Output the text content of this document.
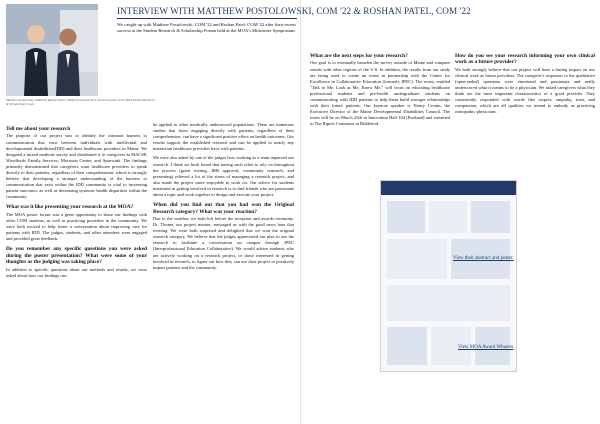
Matthew Postolowski, OMSII & Roshan Patel, OMSII presenting their research poster at the MOA Student Research & Scholarship Forum
INTERVIEW WITH MATTHEW POSTOLOWSKI, COM '22 & ROSHAN PATEL, COM '22
We caught up with Matthew Postolowski, COM '22 and Roshan Patel, COM '22 after their recent success at the Student Research & Scholarship Forum held at the MOA's Midwinter Symposium.
Tell me about your research

The purpose of our project was to identify the common barriers to communication that exist between individuals with intellectual and developmental disabilities(IDD) and their healthcare providers in Maine. We designed a mixed methods survey and distributed it to caregivers at MACSP, Woodfords Family Services, Morrison Center, and Spurwink. The findings primarily demonstrated that caregivers want healthcare providers to speak directly to their patients, regardless of their comprehension, which is strongly believe that developing a stronger understanding of the barriers to communication that exist within the IDD community is vital to increasing patient outcomes, as well as decreasing systemic health disparities within the community.

What was it like presenting your research at the MOA?

The MOA poster forum was a great opportunity to share our findings with other COM students, as well as practicing providers in the community. We were both excited to help foster a conversation about improving care for patients with IDD. The judges, students, and other attendees were engaged and provided great feedback.

Do you remember any specific questions you were asked during the poster presentation? What were some of your thoughts as the judging was taking place?

In addition to specific questions about our methods and results, we were asked about how our findings can

be applied to other medically underserved populations. There are numerous studies that show engaging directly with patients, regardless of their comprehension, can have a significant positive effect on health outcomes. Our results support the established research and can be applied to nearly any interaction healthcare providers have with patients.

We were also asked by one of the judges how working as a team impacted our research. I think we both found that having each other to rely on throughout the process (grant writing, IRB approval, community outreach, and presenting) relieved a lot of the stress of managing a research project, and also made the project more enjoyable to work on. Our advice for students interested in getting involved in research is to find friends who are passionate about a topic and work together to design and execute your project.

When did you find out that you had won the Original Research category? What was your reaction?

Due to the weather, we both left before the reception and awards ceremony. Dr. Thome, our project mentor, messaged us with the good news later that evening. We were both surprised and delighted that we won the original research category. We believe that the judges appreciated our plan to use the research to facilitate a conversation on campus through IPEC (Interprofessional Education Collaborative). We would advise students who are actively working on a research project, or those interested in getting involved in research, to figure out how they can use their project to positively impact patients and the community.

What are the next steps for your research?

Our goal is to eventually broaden the survey outside of Maine and compare results with other regions of the U.S. In addition, the results from our study are being used to create an event in partnership with the Center for Excellence in Collaborative Education (formerly IPEC). The event, entitled "Talk to Me, Look at Me, Know Me," will focus on educating healthcare professional students and pre-health undergraduate students on communicating with IDD patients to help them build stronger relationships with their future patients. Our keynote speaker is Nancy Cronin, the Executive Director of the Maine Developmental Disabilities Council. The event will be on March 25th in Innovation Hall 104 (Portland) and streamed to The Ripich Commons in Biddeford.

How do you see your research informing your own clinical work as a future provider?

We both strongly believe that our project will have a lasting impact on our clinical work as future providers. The caregiver's responses to the qualitative (open-ended) questions were emotional and passionate and really underscored what it means to be a physician. We asked caregivers what they think are the most important characteristics of a good provider. They consistently responded with words like respect, empathy, trust, and compassion, which are all qualities we intend to embody as practicing osteopathic physicians.

View their abstract and poster.
View MOA Award Winners
